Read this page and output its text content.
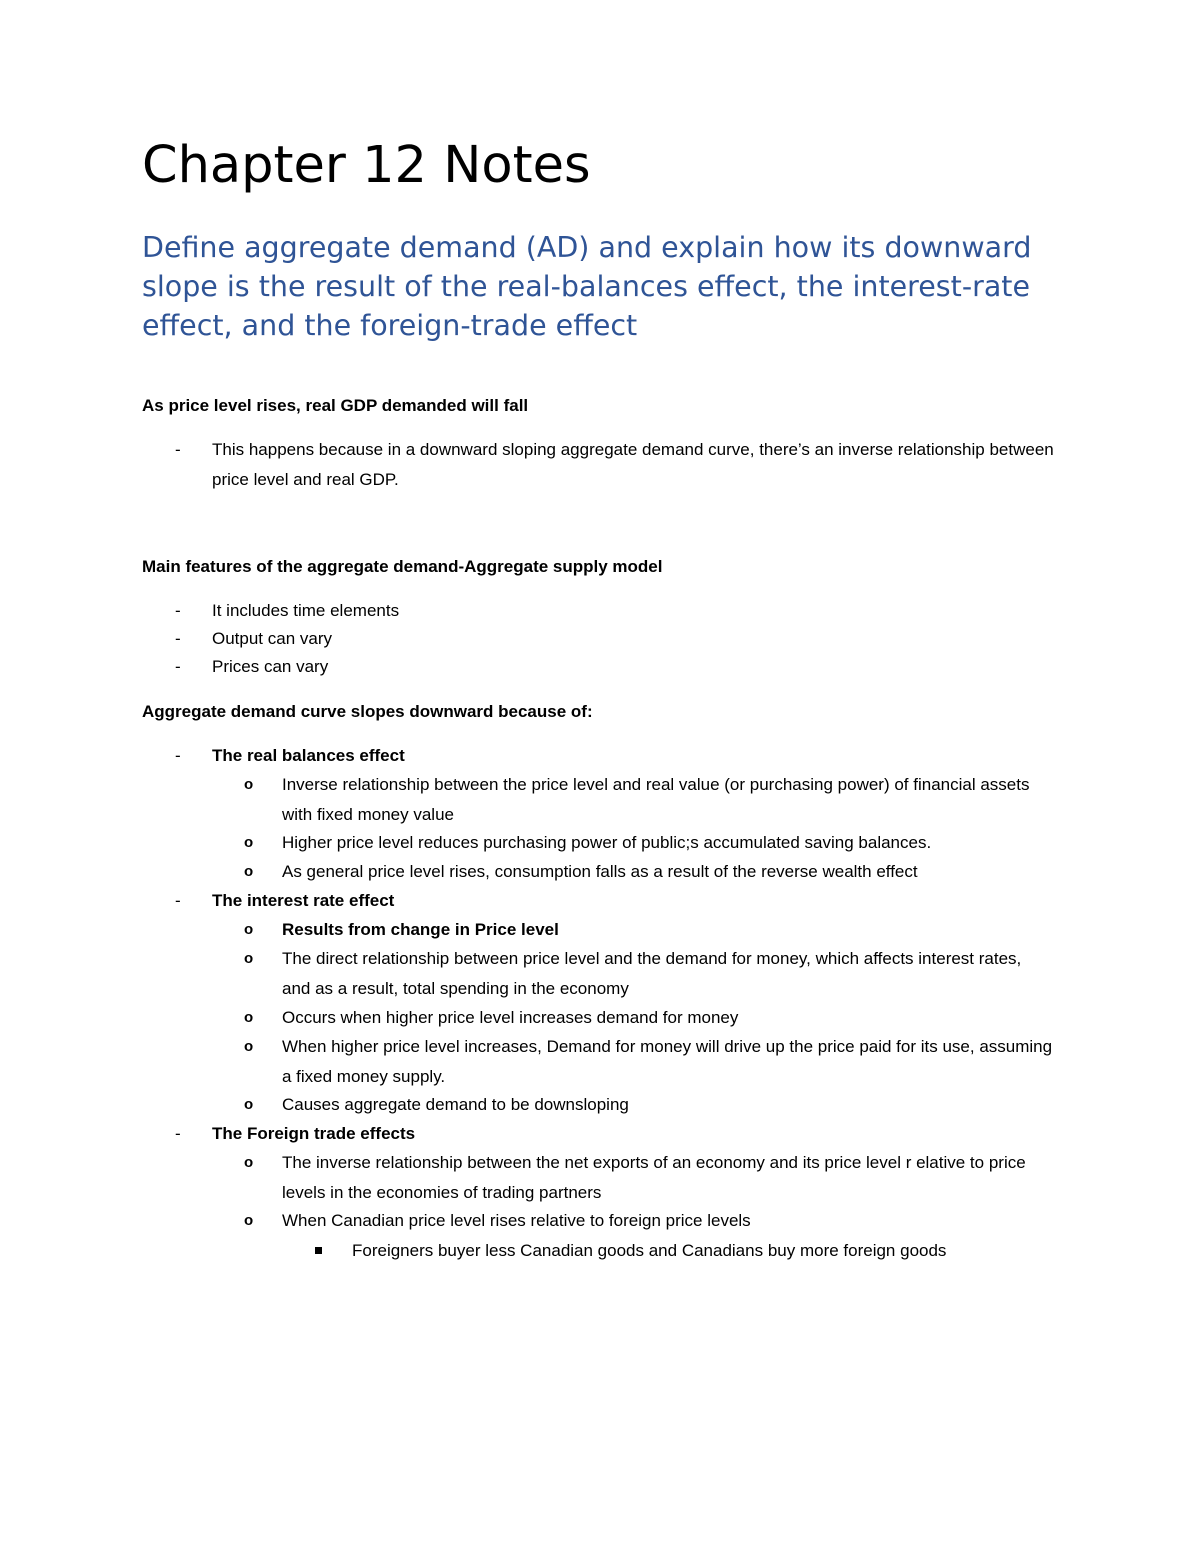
Chapter 12 Notes
Define aggregate demand (AD) and explain how its downward slope is the result of the real-balances effect, the interest-rate effect, and the foreign-trade effect
As price level rises, real GDP demanded will fall
- This happens because in a downward sloping aggregate demand curve, there’s an inverse relationship between price level and real GDP.
Main features of the aggregate demand-Aggregate supply model
- It includes time elements
- Output can vary
- Prices can vary
Aggregate demand curve slopes downward because of:
- The real balances effect
o Inverse relationship between the price level and real value (or purchasing power) of financial assets with fixed money value
o Higher price level reduces purchasing power of public;s accumulated saving balances.
o As general price level rises, consumption falls as a result of the reverse wealth effect
- The interest rate effect
o Results from change in Price level
o The direct relationship between price level and the demand for money, which affects interest rates, and as a result, total spending in the economy
o Occurs when higher price level increases demand for money
o When higher price level increases, Demand for money will drive up the price paid for its use, assuming a fixed money supply.
o Causes aggregate demand to be downsloping
- The Foreign trade effects
o The inverse relationship between the net exports of an economy and its price level r elative to price levels in the economies of trading partners
o When Canadian price level rises relative to foreign price levels
Foreigners buyer less Canadian goods and Canadians buy more foreign goods
